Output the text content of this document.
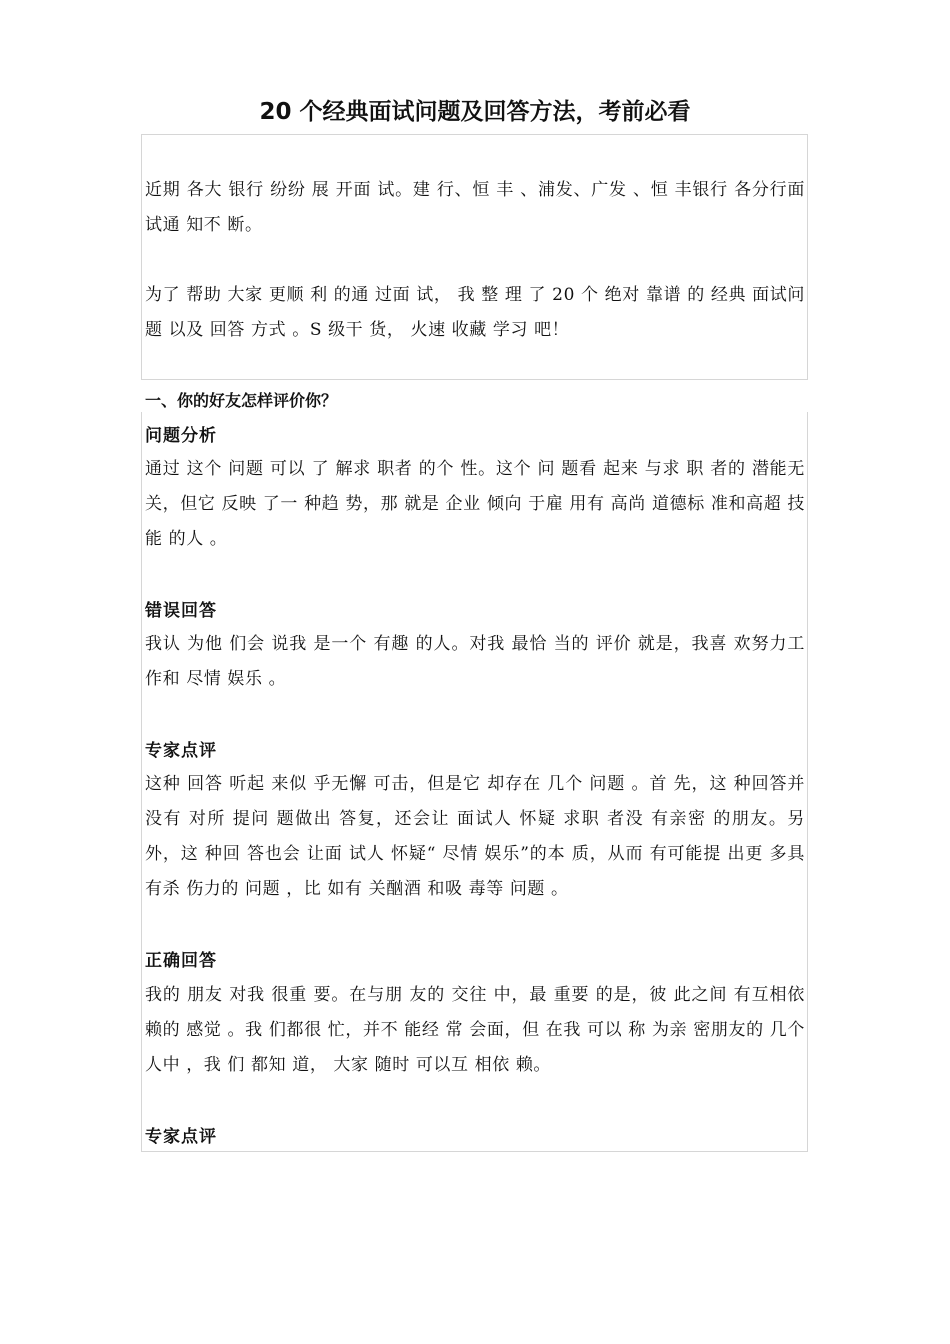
20 个经典面试问题及回答方法，考前必看

近期 各大 银行 纷纷 展 开面 试。建 行、恒 丰 、浦发、广发 、恒 丰银行 各分行面 试通 知不 断。

为了 帮助 大家 更顺 利 的通 过面 试， 我 整 理 了 20 个 绝对 靠谱 的 经典 面试问题 以及 回答 方式 。S 级干 货， 火速 收藏 学习 吧！

一、你的好友怎样评价你？

问题分析

通过 这个 问题 可以 了 解求 职者 的个 性。这个 问 题看 起来 与求 职 者的 潜能无关，但它 反映 了一 种趋 势，那 就是 企业 倾向 于雇 用有 高尚 道德标 准和高超 技能 的人 。

错误回答

我认 为他 们会 说我 是一个 有趣 的人。对我 最恰 当的 评价 就是，我喜 欢努力工 作和 尽情 娱乐 。

专家点评

这种 回答 听起 来似 乎无懈 可击，但是它 却存在 几个 问题 。首 先，这 种回答并 没有 对所 提问 题做出 答复，还会让 面试人 怀疑 求职 者没 有亲密 的朋友。另 外，这 种回 答也会 让面 试人 怀疑“ 尽情 娱乐”的本 质，从而 有可能提 出更 多具 有杀 伤力的 问题 ，比 如有 关酗酒 和吸 毒等 问题 。

正确回答

我的 朋友 对我 很重 要。在与朋 友的 交往 中，最 重要 的是，彼 此之间 有互相依 赖的 感觉 。我 们都很 忙，并不 能经 常 会面，但 在我 可以 称 为亲 密朋友的 几个 人中 ，我 们 都知 道， 大家 随时 可以互 相依 赖。

专家点评
